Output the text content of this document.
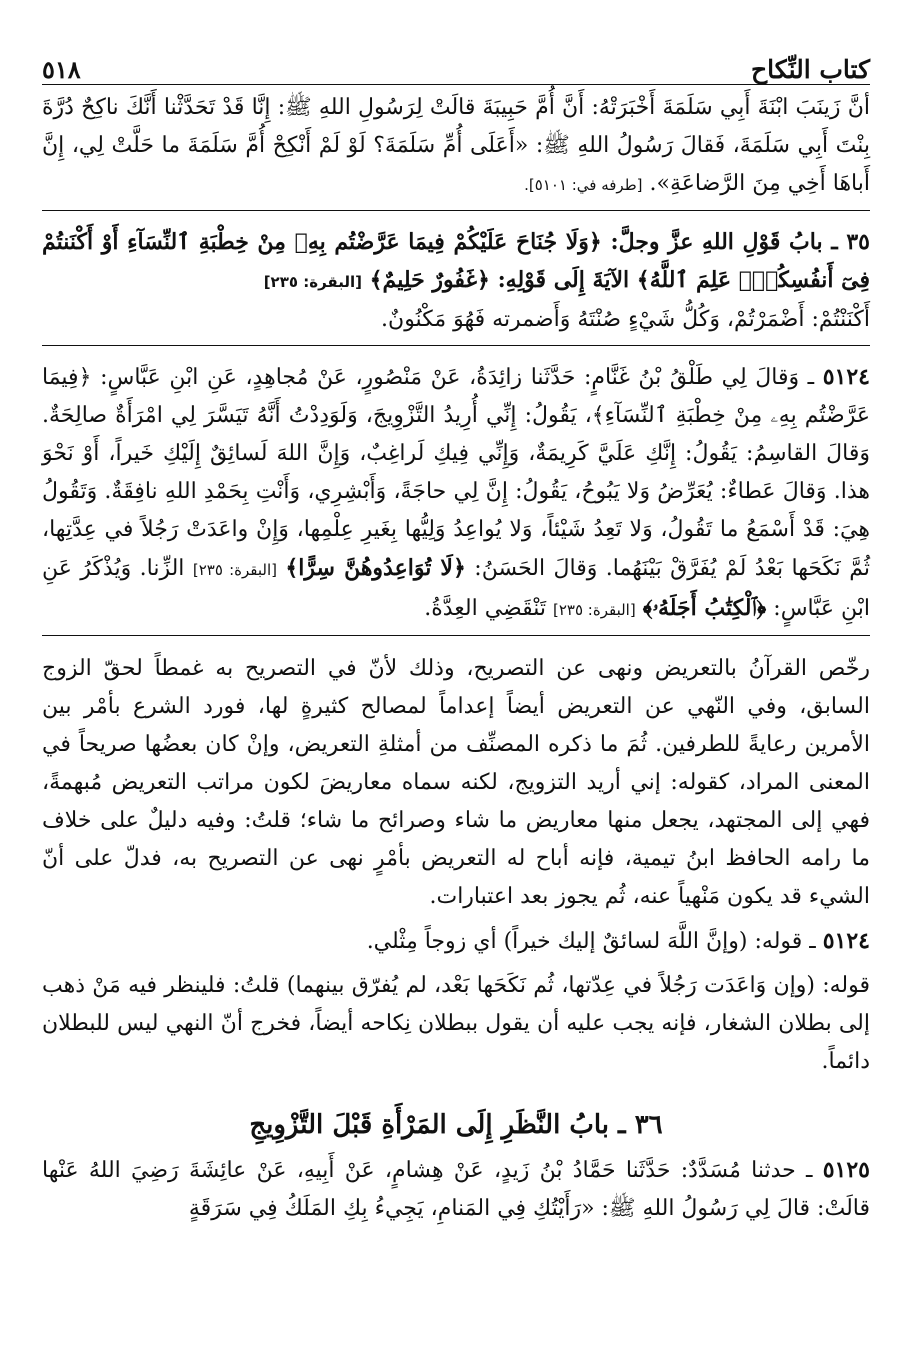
كتاب النِّكاح
٥١٨

أنَّ زَينَبَ ابْنَةَ أَبِي سَلَمَةَ أَخْبَرَتْهُ: أَنَّ أُمَّ حَبِيبَةَ قالَتْ لِرَسُولِ اللهِ ﷺ: إِنَّا قَدْ تَحَدَّثْنا أَنَّكَ ناكِحٌ دُرَّةَ بِنْتَ أَبِي سَلَمَةَ، فَقالَ رَسُولُ اللهِ ﷺ: «أَعَلَى أُمِّ سَلَمَةَ؟ لَوْ لَمْ أَنْكِحْ أُمَّ سَلَمَةَ ما حَلَّتْ لِي، إِنَّ أَباهَا أَخِي مِنَ الرَّضاعَةِ». [طرفه في: ٥١٠١].

٣٥ ـ بابُ قَوْلِ اللهِ عزَّ وجلَّ: ﴿وَلَا جُنَاحَ عَلَيْكُمْ فِيمَا عَرَّضْتُم بِهِۦ مِنْ خِطْبَةِ ٱلنِّسَآءِ أَوْ أَكْنَنتُمْ فِىٓ أَنفُسِكُمْۚ عَلِمَ ٱللَّهُ﴾ الآيَةَ إِلَى قَوْلِهِ: ﴿غَفُورٌ حَلِيمٌ﴾ [البقرة: ٢٣٥]

أَكْنَنْتُمْ: أَضْمَرْتُمْ، وَكُلُّ شَيْءٍ صُنْتَهُ وَأَضمرته فَهُوَ مَكْنُونٌ.

٥١٢٤ ـ وَقالَ لِي طَلْقُ بْنُ غَنَّامٍ: حَدَّثَنا زائِدَةُ، عَنْ مَنْصُورٍ، عَنْ مُجاهِدٍ، عَنِ ابْنِ عَبَّاسٍ: ﴿فِيمَا عَرَّضْتُم بِهِۦ مِنْ خِطْبَةِ ٱلنِّسَآءِ﴾، يَقُولُ: إِنِّي أُرِيدُ التَّزْوِيجَ، وَلَوَدِدْتُ أَنَّهُ تَيَسَّرَ لِي امْرَأَةٌ صالِحَةٌ. وَقالَ القاسِمُ: يَقُولُ: إِنَّكِ عَلَيَّ كَرِيمَةٌ، وَإِنِّي فِيكِ لَراغِبٌ، وَإِنَّ اللهَ لَسائِقٌ إِلَيْكِ خَيراً، أَوْ نَحْوَ هذا. وَقالَ عَطاءٌ: يُعَرِّضُ وَلا يَبُوحُ، يَقُولُ: إِنَّ لِي حاجَةً، وَأَبْشِرِي، وَأَنْتِ بِحَمْدِ اللهِ نافِقَةٌ. وَتَقُولُ هِيَ: قَدْ أَسْمَعُ ما تَقُولُ، وَلا تَعِدُ شَيْئاً، وَلا يُواعِدُ وَلِيُّها بِغَيرِ عِلْمِها، وَإِنْ واعَدَتْ رَجُلاً في عِدَّتِها، ثُمَّ نَكَحَها بَعْدُ لَمْ يُفَرَّقْ بَيْنَهُما. وَقالَ الحَسَنُ: ﴿لَا تُوَاعِدُوهُنَّ سِرًّا﴾ [البقرة: ٢٣٥] الزِّنا. وَيُذْكَرُ عَنِ ابْنِ عَبَّاسٍ: ﴿ٱلْكِتَٰبُ أَجَلَهُۥ﴾ [البقرة: ٢٣٥] تَنْقَضِي العِدَّةُ.

رخّص القرآنُ بالتعريض ونهى عن التصريح، وذلك لأنّ في التصريح به غمطاً لحقّ الزوج السابق، وفي النّهي عن التعريض أيضاً إعداماً لمصالح كثيرةٍ لها، فورد الشرع بأمْر بين الأمرين رعايةً للطرفين. ثُمَ ما ذكره المصنِّف من أمثلةِ التعريض، وإنْ كان بعضُها صريحاً في المعنى المراد، كقوله: إني أريد التزويج، لكنه سماه معاريضَ لكون مراتب التعريض مُبهمةً، فهي إلى المجتهد، يجعل منها معاريض ما شاء وصرائح ما شاء؛ قلتُ: وفيه دليلٌ على خلاف ما رامه الحافظ ابنُ تيمية، فإنه أباح له التعريض بأمْرٍ نهى عن التصريح به، فدلّ على أنّ الشيء قد يكون مَنْهياً عنه، ثُم يجوز بعد اعتبارات.

٥١٢٤ ـ قوله: (وإنَّ اللَّهَ لسائقٌ إليك خيراً) أي زوجاً مِثْلي.

قوله: (وإن وَاعَدَت رَجُلاً في عِدّتها، ثُم نَكَحَها بَعْد، لم يُفرّق بينهما) قلتُ: فلينظر فيه مَنْ ذهب إلى بطلان الشغار، فإنه يجب عليه أن يقول ببطلان نِكاحه أيضاً، فخرج أنّ النهي ليس للبطلان دائماً.

٣٦ ـ بابُ النَّظَرِ إِلَى المَرْأَةِ قَبْلَ التَّزْوِيجِ

٥١٢٥ ـ حدثنا مُسَدَّدٌ: حَدَّثَنا حَمَّادُ بْنُ زَيدٍ، عَنْ هِشامٍ، عَنْ أَبِيهِ، عَنْ عائِشَةَ رَضِيَ اللهُ عَنْها قالَتْ: قالَ لِي رَسُولُ اللهِ ﷺ: «رَأَيْتُكِ فِي المَنامِ، يَجِيءُ بِكِ المَلَكُ فِي سَرَقَةٍ
